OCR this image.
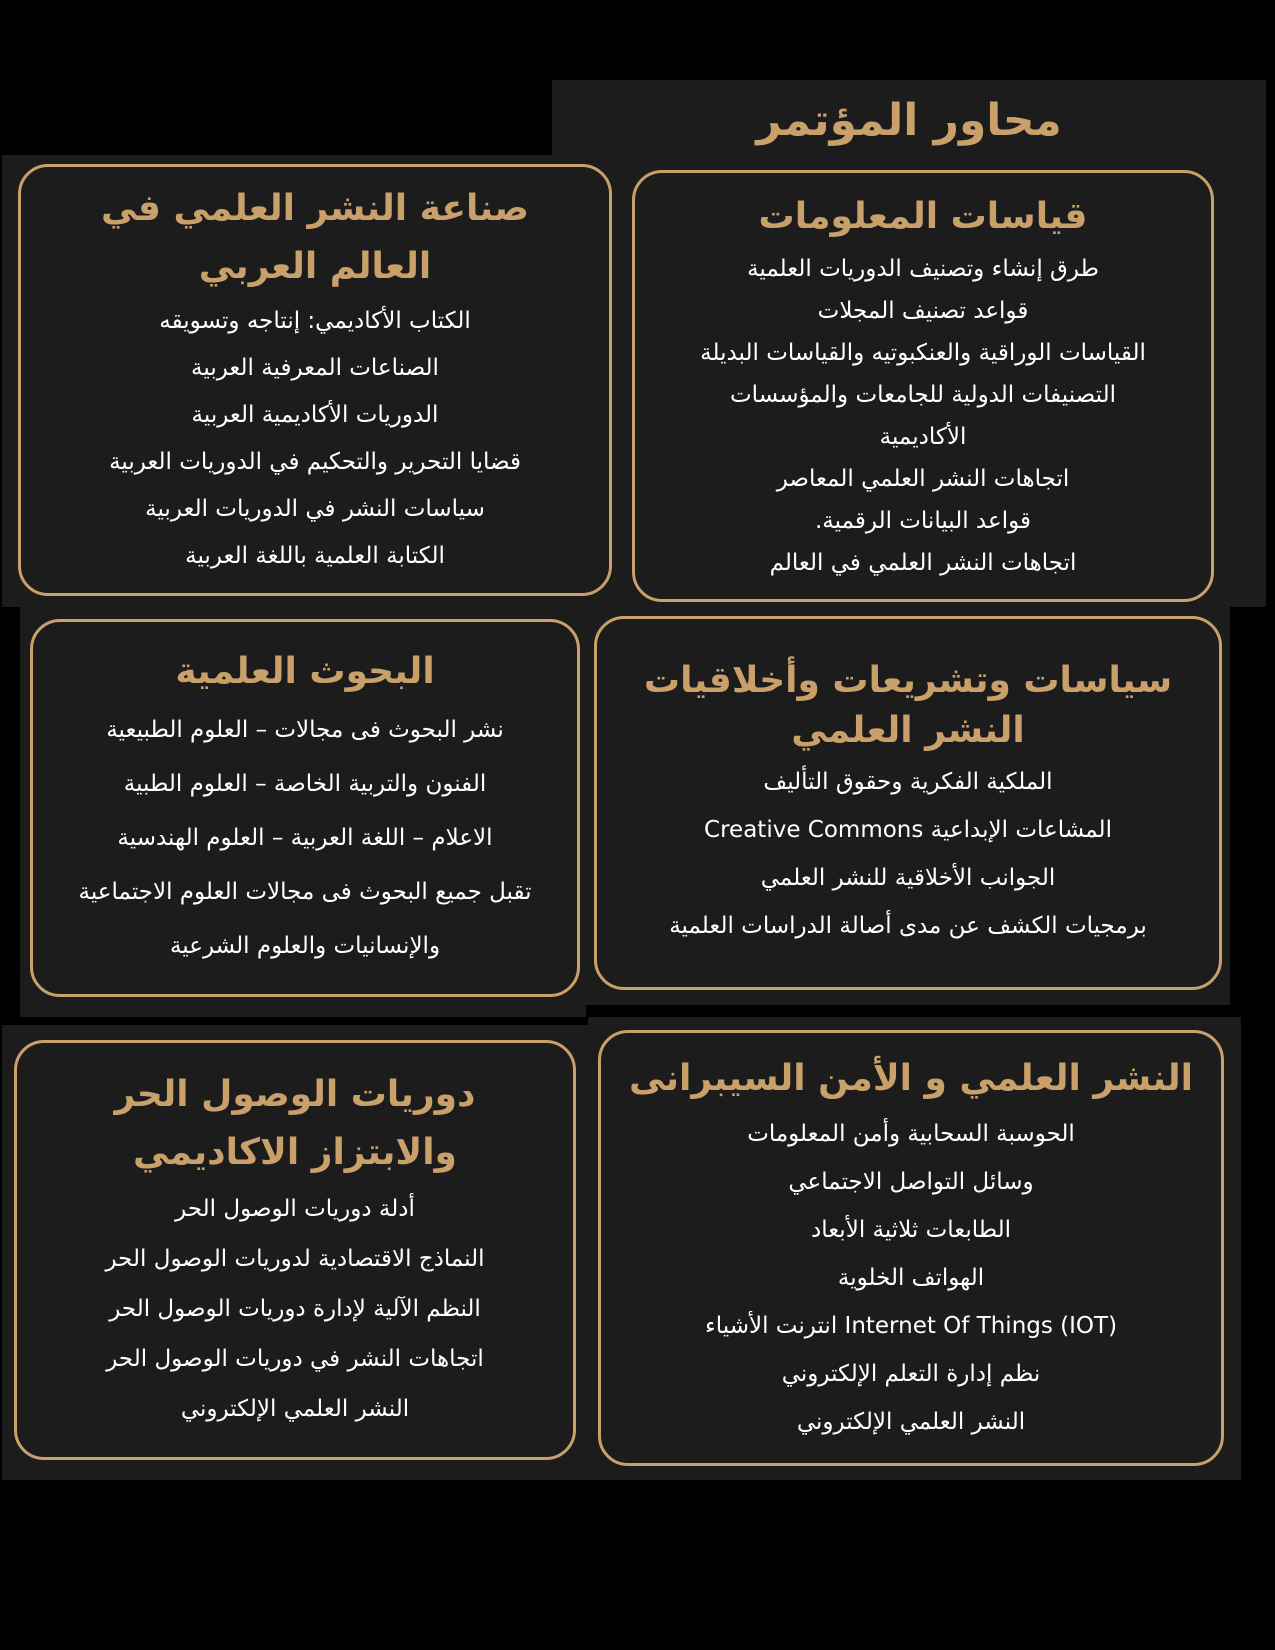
محاور المؤتمر
قياسات المعلومات
طرق إنشاء وتصنيف الدوريات العلمية
قواعد تصنيف المجلات
القياسات الوراقية والعنكبوتيه والقياسات البديلة
التصنيفات الدولية للجامعات والمؤسسات الأكاديمية
اتجاهات النشر العلمي المعاصر
قواعد البيانات الرقمية.
اتجاهات النشر العلمي في العالم
صناعة النشر العلمي في العالم العربي
الكتاب الأكاديمي: إنتاجه وتسويقه
الصناعات المعرفية العربية
الدوريات الأكاديمية العربية
قضايا التحرير والتحكيم في الدوريات العربية
سياسات النشر في الدوريات العربية
الكتابة العلمية باللغة العربية
سياسات وتشريعات وأخلاقيات النشر العلمي
الملكية الفكرية وحقوق التأليف
المشاعات الإبداعية Creative Commons
الجوانب الأخلاقية للنشر العلمي
برمجيات الكشف عن مدى أصالة الدراسات العلمية
البحوث العلمية
نشر البحوث فى مجالات – العلوم الطبيعية
الفنون والتربية الخاصة – العلوم الطبية
الاعلام – اللغة العربية – العلوم الهندسية
تقبل جميع البحوث فى مجالات العلوم الاجتماعية
والإنسانيات والعلوم الشرعية
النشر العلمي و الأمن السيبرانى
الحوسبة السحابية وأمن المعلومات
وسائل التواصل الاجتماعي
الطابعات ثلاثية الأبعاد
الهواتف الخلوية
Internet Of Things (IOT) انترنت الأشياء
نظم إدارة التعلم الإلكتروني
النشر العلمي الإلكتروني
دوريات الوصول الحر والابتزاز الاكاديمي
أدلة دوريات الوصول الحر
النماذج الاقتصادية لدوريات الوصول الحر
النظم الآلية لإدارة دوريات الوصول الحر
اتجاهات النشر في دوريات الوصول الحر
النشر العلمي الإلكتروني
